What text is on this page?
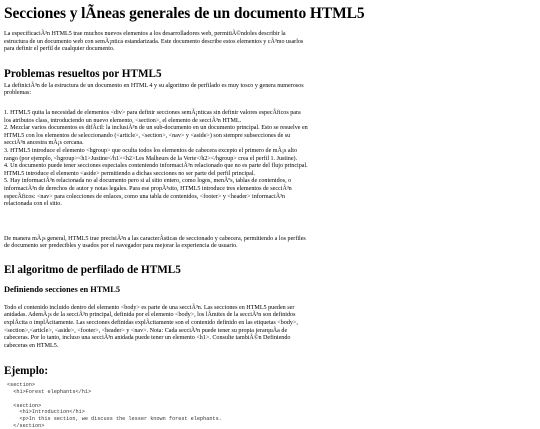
Secciones y lÃneas generales de un documento HTML5

La especificaciÃ³n HTML5 trae muchos nuevos elementos a los desarrolladores web, permitiÃ©ndoles describir la
estructura de un documento web con semÃ¡ntica estandarizada. Este documento describe estos elementos y cÃ³mo usarlos
para definir el perfil de cualquier documento.

Problemas resueltos por HTML5

La definiciÃ³n de la estructura de un documento en HTML 4 y su algoritmo de perfilado es muy tosco y genera numerosos
problemas:

1. HTML5 quita la necesidad de elementos <div> para definir secciones semÃ¡nticas sin definir valores especÃficos para
los atributos class, introduciendo un nuevo elemento, <section>, el elemento de secciÃ³n HTML.
2. Mezclar varios documentos es difÃcil: la inclusiÃ³n de un sub-documento en un documento principal. Esto se resuelve en
HTML5 con los elementos de seleccionando (<article>, <section>, <nav> y <aside>) son siempre subsecciones de su
secciÃ³n ancestra mÃ¡s cercana.
3. HTML5 introduce el elemento <hgroup> que oculta todos los elementos de cabecera excepto el primero de mÃ¡s alto
rango (por ejemplo, <hgroup><h1>Justine</h1><h2>Les Malheurs de la Verte</h2></hgroup> crea el perfil 1. Justine).
4. Un documento puede tener secciones especiales conteniendo informaciÃ³n relacionado que no es parte del flujo principal.
HTML5 introduce el elemento <aside> permitiendo a dichas secciones no ser parte del perfil principal.
5. Hay informaciÃ³n relacionada no al documento pero si al sitio entero, como logos, menÃºs, tablas de contenidos, o
informaciÃ³n de derechos de autor y notas legales. Para ese propÃ³sito, HTML5 introduce tres elementos de secciÃ³n
especÃficos: <nav> para colecciones de enlaces, como una tabla de contenidos, <footer> y <header> informaciÃ³n
relacionada con el sitio.

De manera mÃ¡s general, HTML5 trae precisiÃ³n a las caracterÃsticas de seccionado y cabecera, permitiendo a los perfiles
de documento ser predecibles y usados por el navegador para mejorar la experiencia de usuario.

El algoritmo de perfilado de HTML5
Definiendo secciones en HTML5

Todo el contenido incluido dentro del elemento <body> es parte de una secciÃ³n. Las secciones en HTML5 pueden ser
anidadas. AdemÃ¡s de la secciÃ³n principal, definida por el elemento <body>, los lÃmites de la secciÃ³n son definidos
explÃcita o implÃcitamente. Las secciones definidas explÃcitamente son el contenido definido en las etiquetas <body>,
<section>,<article>, <aside>, <footer>, <header> y <nav>. Nota: Cada secciÃ³n puede tener su propia jerarquÃa de
cabeceras. Por lo tanto, incluso una secciÃ³n anidada puede tener un elemento <h1>. Consulte tambiÃ©n Definiendo
cabeceras en HTML5.

Ejemplo:
<section>
<h1>Forest elephants</h1>

<section>
<h1>Introduction</h1>
<p>In this section, we discuss the lesser known forest elephants.
</section>
